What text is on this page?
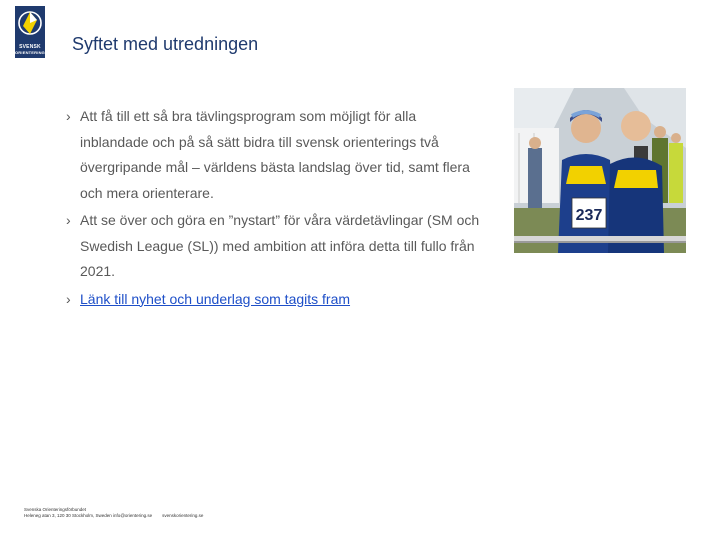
SVENSK
ORIENTERING Syftet med utredningen
› Att få till ett så bra tävlingsprogram som möjligt för alla inblandade och på så sätt bidra till svensk orienterings två övergripande mål – världens bästa landslag över tid, samt flera och mera orienterare.
› Att se över och göra en ”nystart” för våra värdetävlingar (SM och Swedish League (SL)) med ambition att införa detta till fullo från 2021.
› Länk till nyhet och underlag som tagits fram
237
Svenska Orienteringsförbundet
Heleneg atan 3, 120 30 Stockholm, Sweden info@orientering.se svenskorientering.se
